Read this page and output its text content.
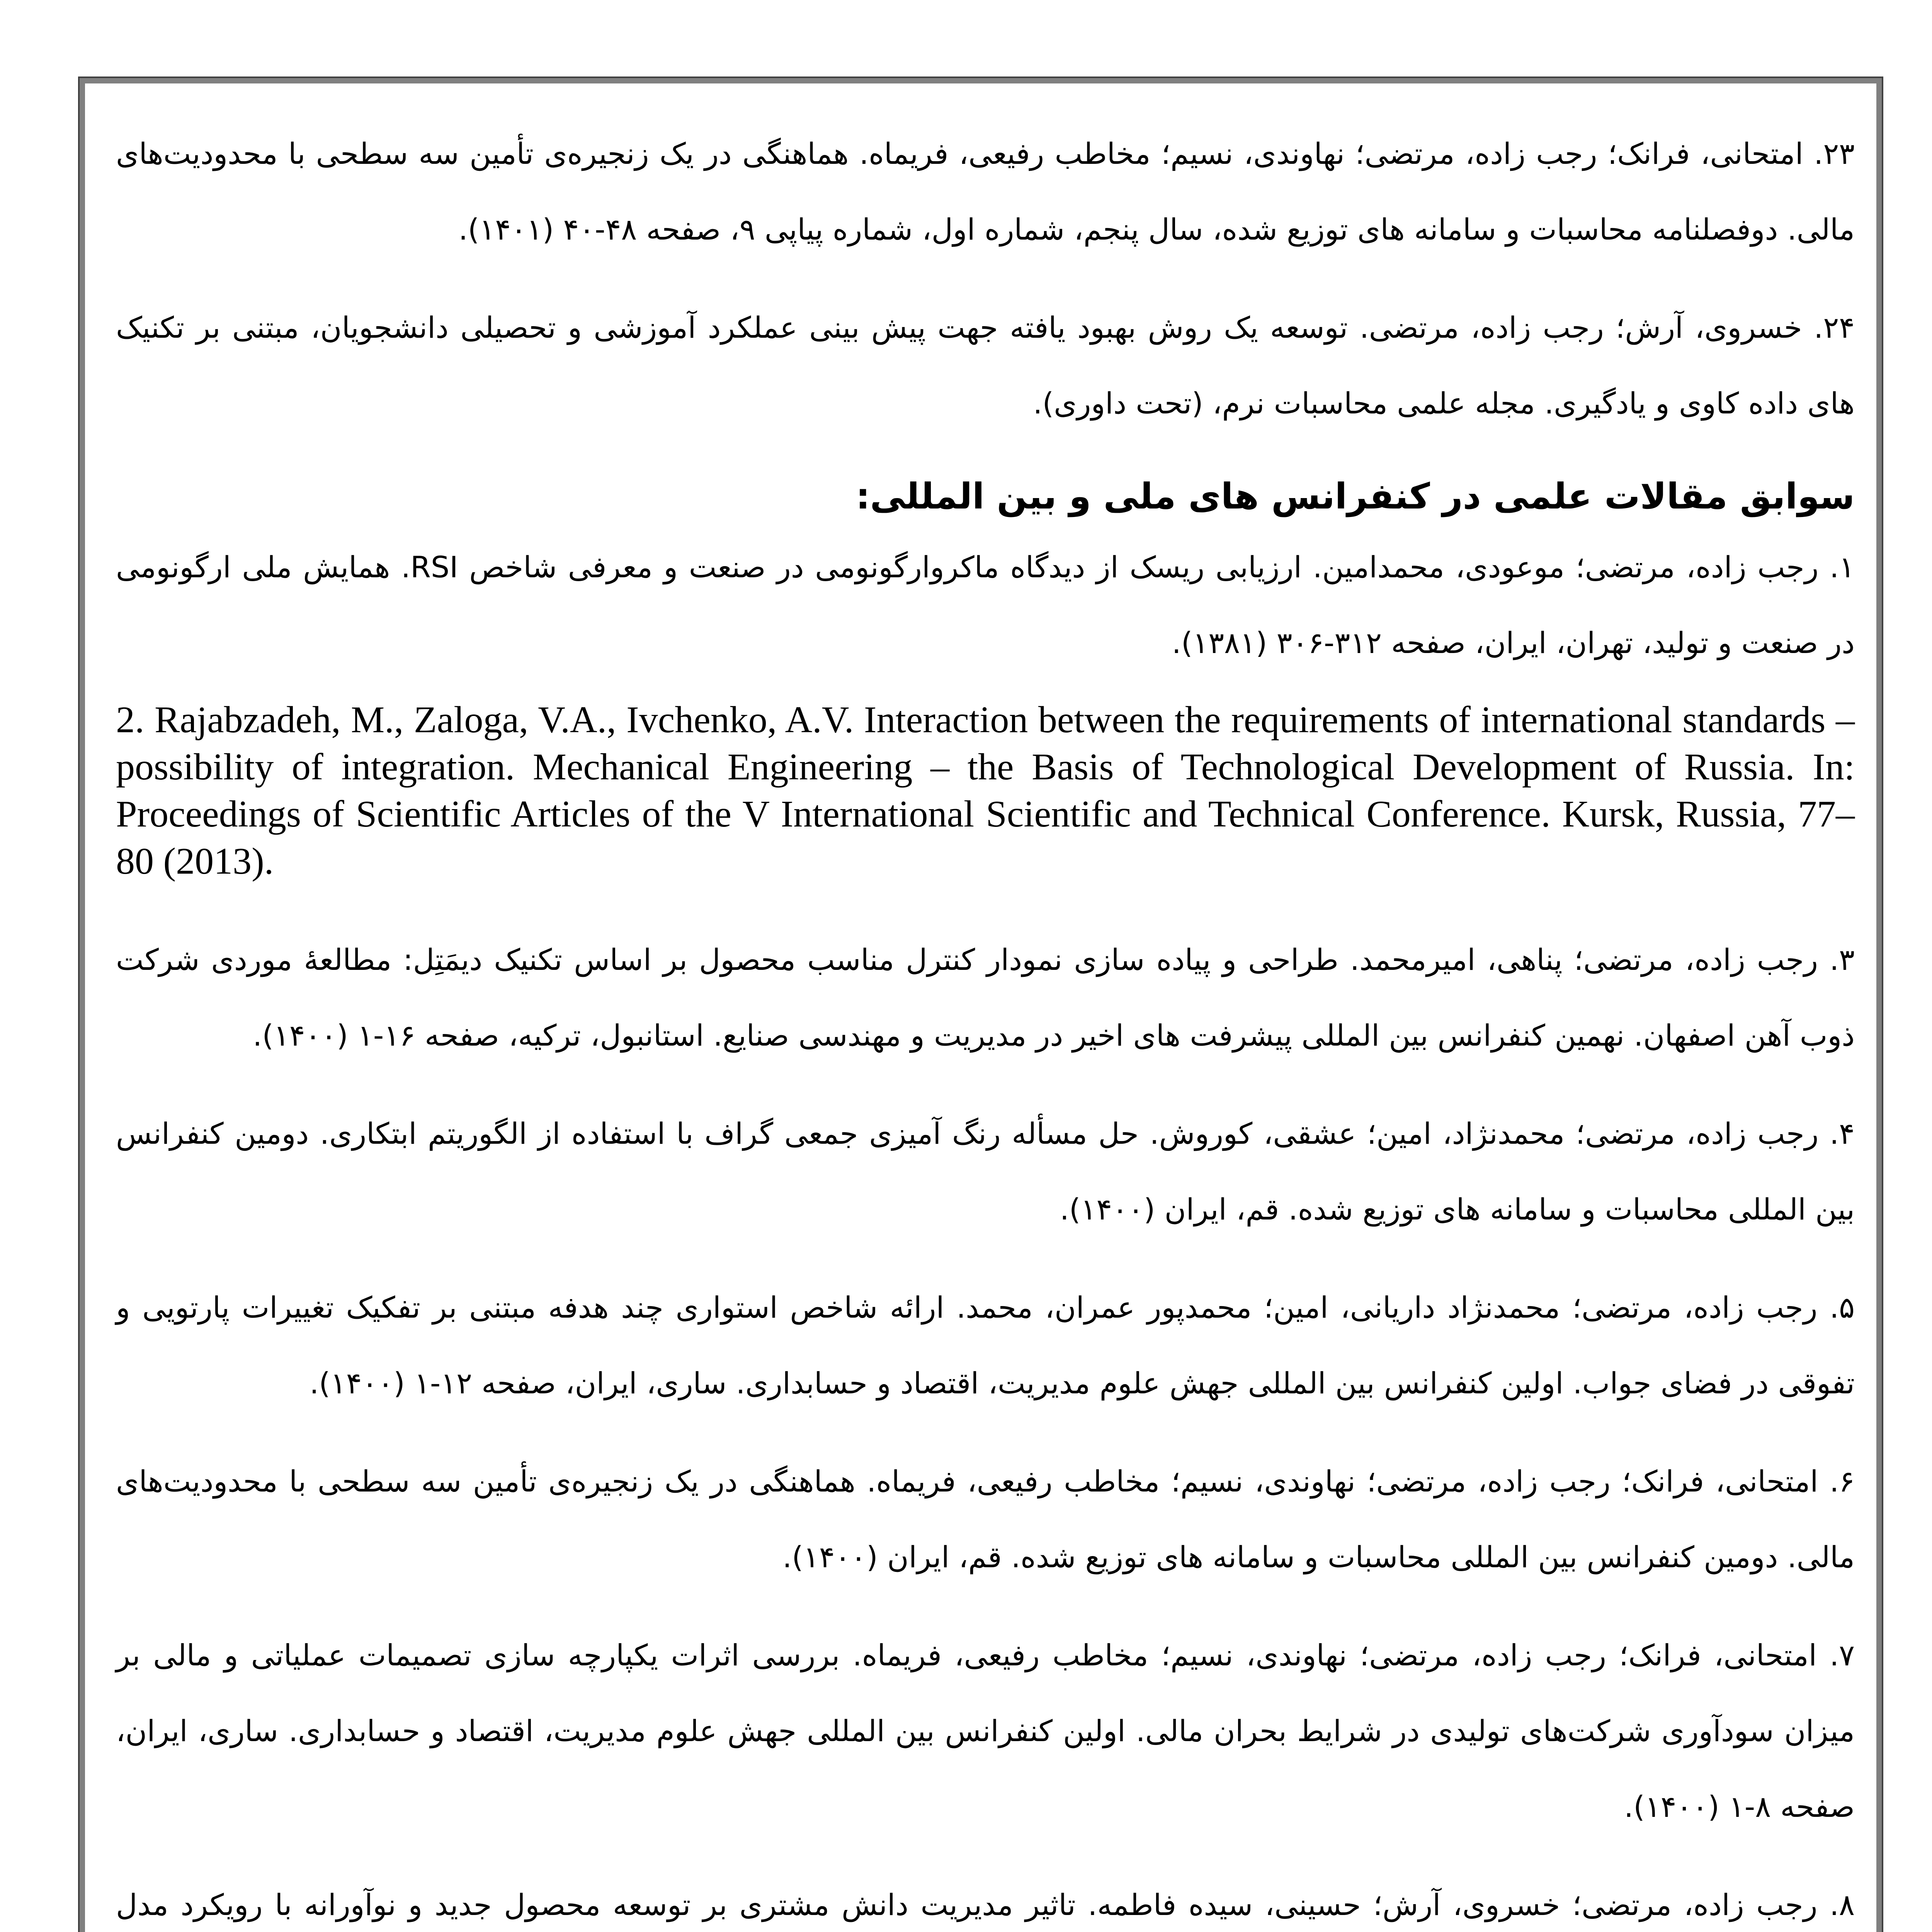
۲۳. امتحانی، فرانک؛ رجب زاده، مرتضی؛ نهاوندی، نسیم؛ مخاطب رفیعی، فریماه. هماهنگی در یک زنجیره‌ی تأمین سه سطحی با محدودیت‌های مالی. دوفصلنامه محاسبات و سامانه های توزیع شده، سال پنجم، شماره اول، شماره پیاپی ۹، صفحه ۴۸-۴۰ (۱۴۰۱).

۲۴. خسروی، آرش؛ رجب زاده، مرتضی. توسعه یک روش بهبود یافته جهت پیش بینی عملکرد آموزشی و تحصیلی دانشجویان، مبتنی بر تکنیک های داده کاوی و یادگیری. مجله علمی محاسبات نرم، (تحت داوری).

سوابق مقالات علمی در کنفرانس های ملی و بین المللی:

۱. رجب زاده، مرتضی؛ موعودی، محمدامین. ارزیابی ریسک از دیدگاه ماکروارگونومی در صنعت و معرفی شاخص RSI. همایش ملی ارگونومی در صنعت و تولید، تهران، ایران، صفحه ۳۱۲-۳۰۶ (۱۳۸۱).

2. Rajabzadeh, M., Zaloga, V.A., Ivchenko, A.V. Interaction between the requirements of international standards – possibility of integration. Mechanical Engineering – the Basis of Technological Development of Russia. In: Proceedings of Scientific Articles of the V International Scientific and Technical Conference. Kursk, Russia, 77–80 (2013).

۳. رجب زاده، مرتضی؛ پناهی، امیرمحمد. طراحی و پیاده سازی نمودار کنترل مناسب محصول بر اساس تکنیک دیمَتِل: مطالعۀ موردی شرکت ذوب آهن اصفهان. نهمین کنفرانس بین المللی پیشرفت های اخیر در مدیریت و مهندسی صنایع. استانبول، ترکیه، صفحه ۱۶-۱ (۱۴۰۰).

۴. رجب زاده، مرتضی؛ محمدنژاد، امین؛ عشقی، کوروش. حل مسأله رنگ آمیزی جمعی گراف با استفاده از الگوریتم ابتکاری. دومین کنفرانس بین المللی محاسبات و سامانه های توزیع شده. قم، ایران (۱۴۰۰).

۵. رجب زاده، مرتضی؛ محمدنژاد داریانی، امین؛ محمدپور عمران، محمد. ارائه شاخص استواری چند هدفه مبتنی بر تفکیک تغییرات پارتویی و تفوقی در فضای جواب. اولین کنفرانس بین المللی جهش علوم مدیریت، اقتصاد و حسابداری. ساری، ایران، صفحه ۱۲-۱ (۱۴۰۰).

۶. امتحانی، فرانک؛ رجب زاده، مرتضی؛ نهاوندی، نسیم؛ مخاطب رفیعی، فریماه. هماهنگی در یک زنجیره‌ی تأمین سه سطحی با محدودیت‌های مالی. دومین کنفرانس بین المللی محاسبات و سامانه های توزیع شده. قم، ایران (۱۴۰۰).

۷. امتحانی، فرانک؛ رجب زاده، مرتضی؛ نهاوندی، نسیم؛ مخاطب رفیعی، فریماه. بررسی اثرات یکپارچه سازی تصمیمات عملیاتی و مالی بر میزان سودآوری شرکت‌های تولیدی در شرایط بحران مالی. اولین کنفرانس بین المللی جهش علوم مدیریت، اقتصاد و حسابداری. ساری، ایران، صفحه ۸-۱ (۱۴۰۰).

۸. رجب زاده، مرتضی؛ خسروی، آرش؛ حسینی، سیده فاطمه. تاثیر مدیریت دانش مشتری بر توسعه محصول جدید و نوآورانه با رویکرد مدل
